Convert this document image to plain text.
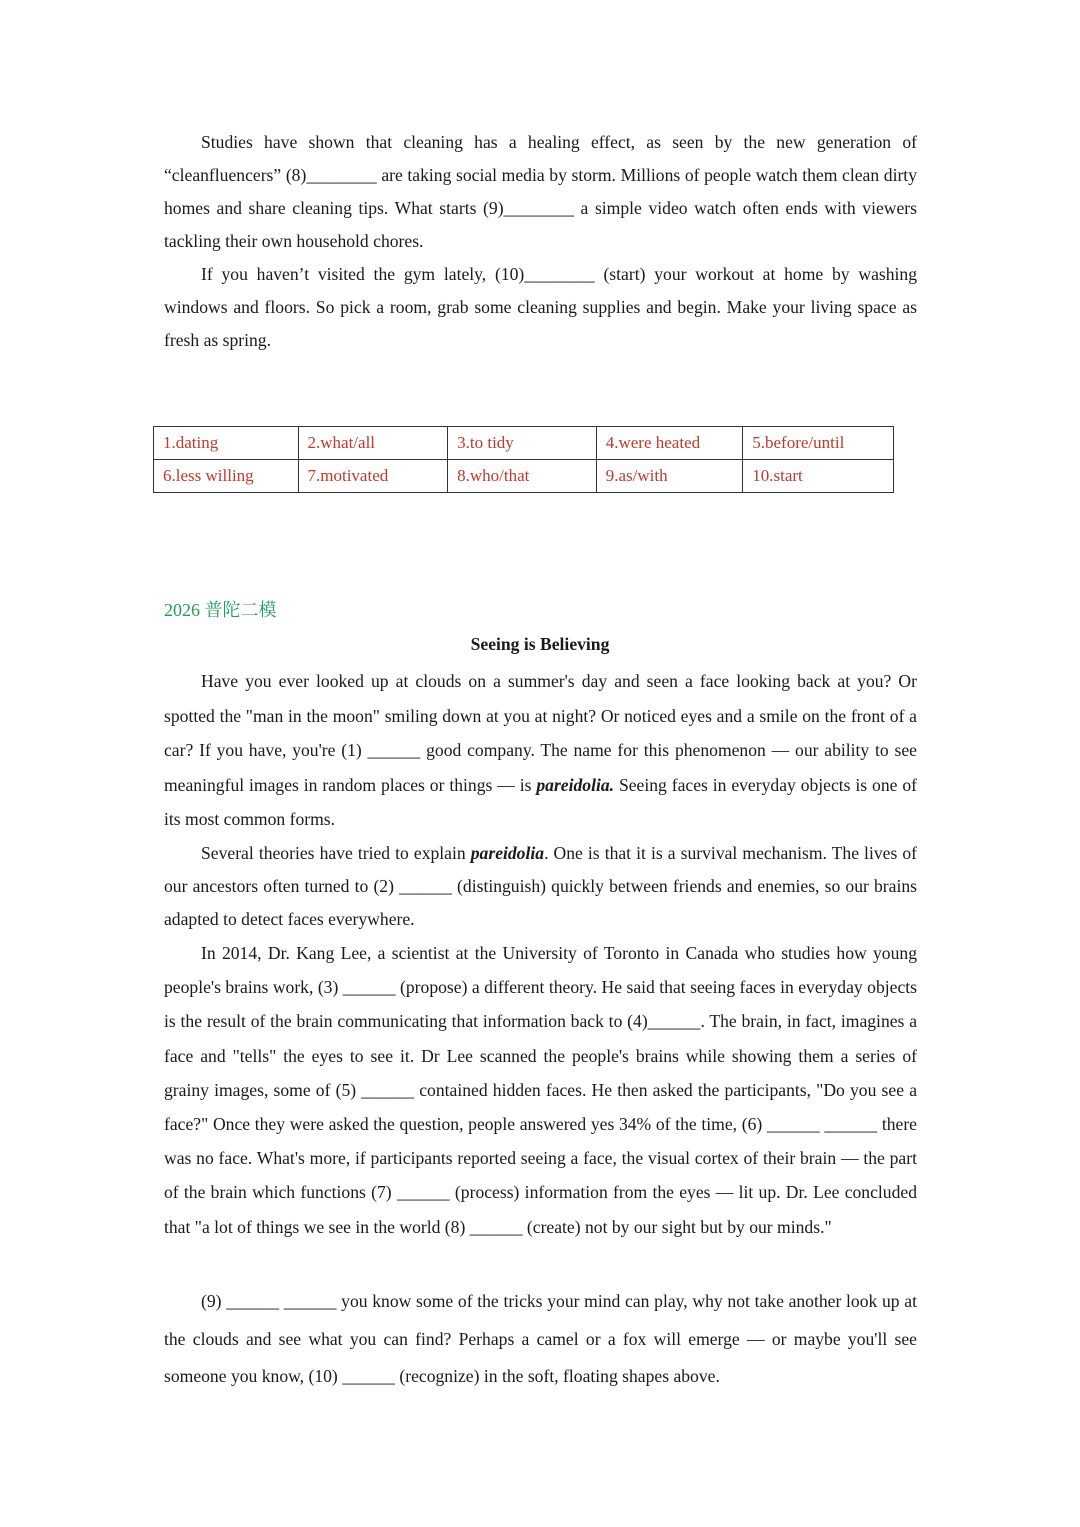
Studies have shown that cleaning has a healing effect, as seen by the new generation of “cleanfluencers” (8)________ are taking social media by storm. Millions of people watch them clean dirty homes and share cleaning tips. What starts (9)________ a simple video watch often ends with viewers tackling their own household chores.

If you haven’t visited the gym lately, (10)________ (start) your workout at home by washing windows and floors. So pick a room, grab some cleaning supplies and begin. Make your living space as fresh as spring.

1.dating	2.what/all	3.to tidy	4.were heated	5.before/until
6.less willing	7.motivated	8.who/that	9.as/with	10.start
2026 普陀二模
Seeing is Believing

Have you ever looked up at clouds on a summer's day and seen a face looking back at you? Or spotted the "man in the moon" smiling down at you at night? Or noticed eyes and a smile on the front of a car? If you have, you're (1) ______ good company. The name for this phenomenon — our ability to see meaningful images in random places or things — is pareidolia. Seeing faces in everyday objects is one of its most common forms.

Several theories have tried to explain pareidolia. One is that it is a survival mechanism. The lives of our ancestors often turned to (2) ______ (distinguish) quickly between friends and enemies, so our brains adapted to detect faces everywhere.

In 2014, Dr. Kang Lee, a scientist at the University of Toronto in Canada who studies how young people's brains work, (3) ______ (propose) a different theory. He said that seeing faces in everyday objects is the result of the brain communicating that information back to (4)______. The brain, in fact, imagines a face and "tells" the eyes to see it. Dr Lee scanned the people's brains while showing them a series of grainy images, some of (5) ______ contained hidden faces. He then asked the participants, "Do you see a face?" Once they were asked the question, people answered yes 34% of the time, (6) ______ ______ there was no face. What's more, if participants reported seeing a face, the visual cortex of their brain — the part of the brain which functions (7) ______ (process) information from the eyes — lit up. Dr. Lee concluded that "a lot of things we see in the world (8) ______ (create) not by our sight but by our minds."

(9) ______ ______ you know some of the tricks your mind can play, why not take another look up at the clouds and see what you can find? Perhaps a camel or a fox will emerge — or maybe you'll see someone you know, (10) ______ (recognize) in the soft, floating shapes above.
